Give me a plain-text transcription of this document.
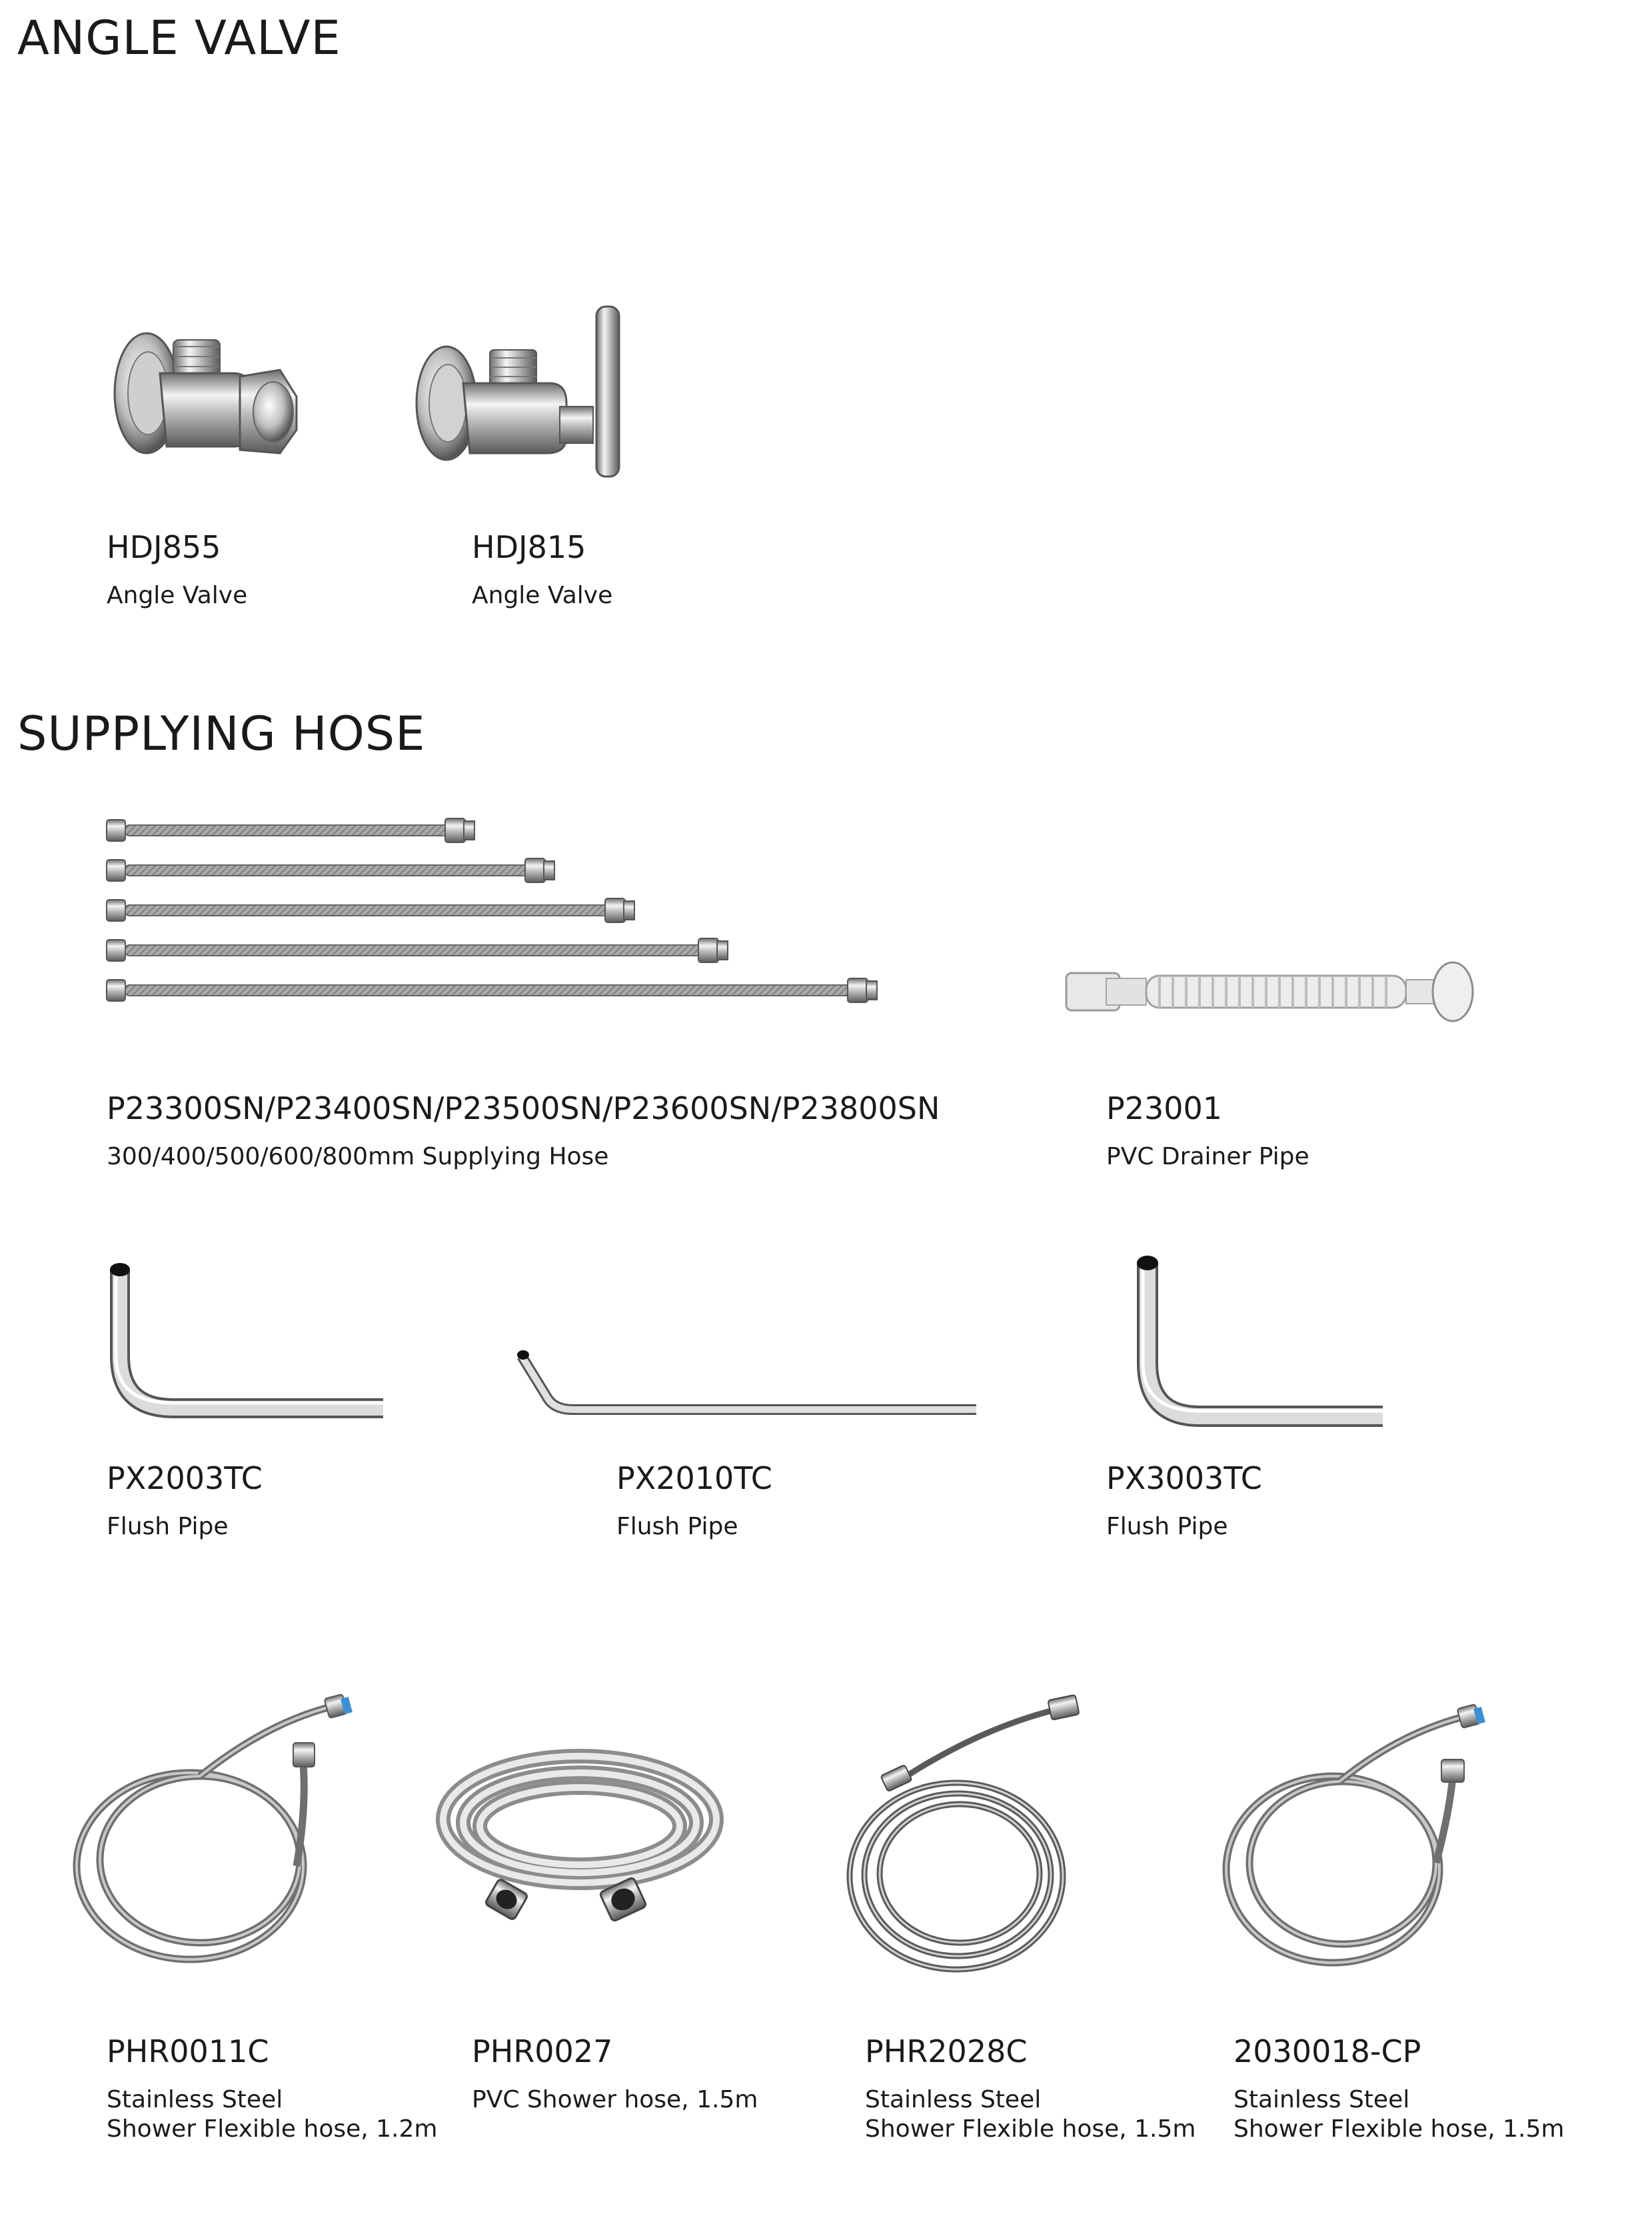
ANGLE VALVE
HDJ855
Angle Valve
HDJ815
Angle Valve
SUPPLYING HOSE
P23300SN/P23400SN/P23500SN/P23600SN/P23800SN
300/400/500/600/800mm Supplying Hose
P23001
PVC Drainer Pipe
PX2003TC
Flush Pipe
PX2010TC
Flush Pipe
PX3003TC
Flush Pipe
PHR0011C
Stainless Steel
Shower Flexible hose, 1.2m
PHR0027
PVC Shower hose, 1.5m
PHR2028C
Stainless Steel
Shower Flexible hose, 1.5m
2030018-CP
Stainless Steel
Shower Flexible hose, 1.5m
